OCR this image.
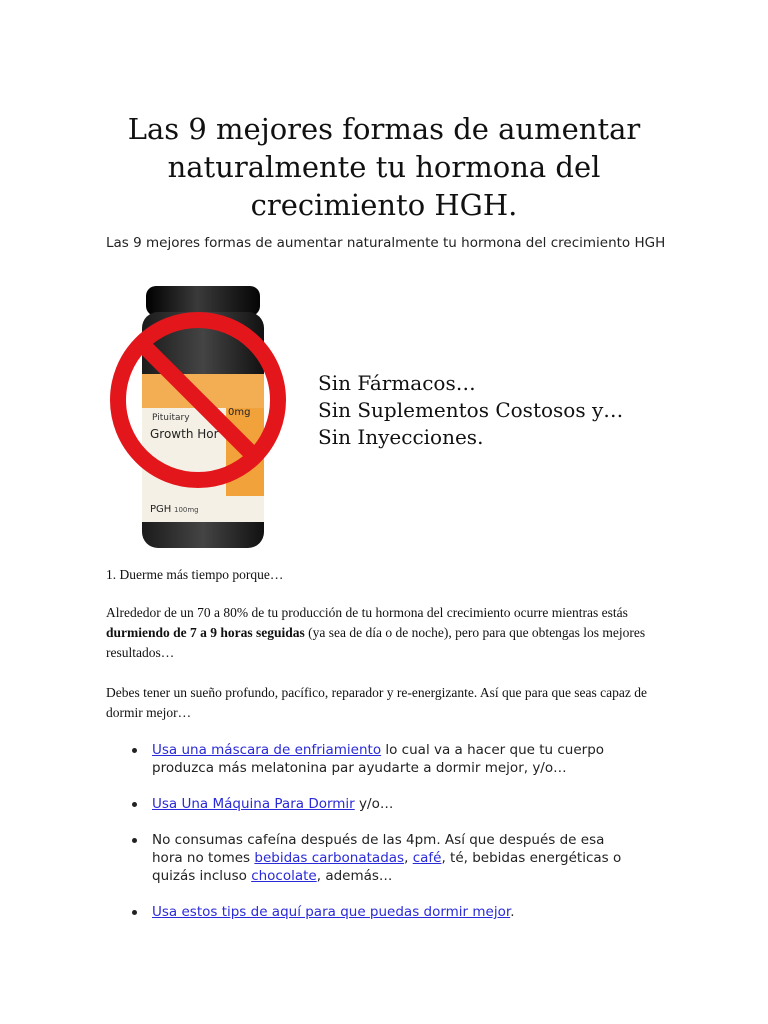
Las 9 mejores formas de aumentar naturalmente tu hormona del crecimiento HGH.
Las 9 mejores formas de aumentar naturalmente tu hormona del crecimiento HGH
Pituitary
Growth Hor
0mg
PGH 100mg
Sin Fármacos…
Sin Suplementos Costosos y…
Sin Inyecciones.
1. Duerme más tiempo porque…
Alrededor de un 70 a 80% de tu producción de tu hormona del crecimiento ocurre mientras estás durmiendo de 7 a 9 horas seguidas (ya sea de día o de noche), pero para que obtengas los mejores resultados…
Debes tener un sueño profundo, pacífico, reparador y re-energizante. Así que para que seas capaz de dormir mejor…
Usa una máscara de enfriamiento lo cual va a hacer que tu cuerpo produzca más melatonina par ayudarte a dormir mejor, y/o…
Usa Una Máquina Para Dormir y/o…
No consumas cafeína después de las 4pm. Así que después de esa hora no tomes bebidas carbonatadas, café, té, bebidas energéticas o quizás incluso chocolate, además…
Usa estos tips de aquí para que puedas dormir mejor.
